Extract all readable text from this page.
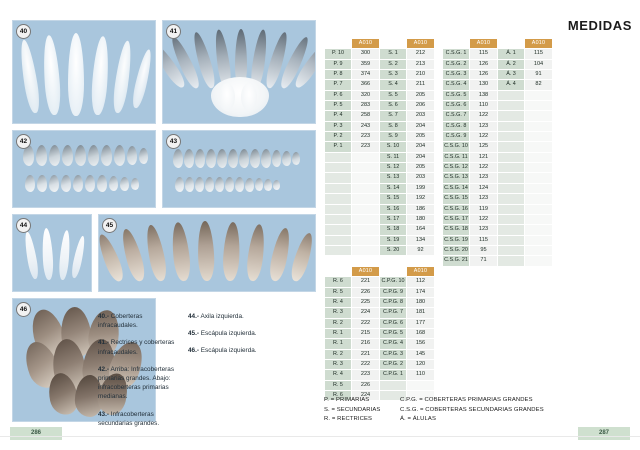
40	41
42	43
44	45
46

40.- Coberteras infracaudales.

41.- Rectrices y coberteras infracaudales.

42.- Arriba: Infracoberteras primarias grandes. Abajo: infracoberteras primarias medianas.

43.- Infracoberteras secundarias grandes.

44.- Axila izquierda.

45.- Escápula izquierda.

46.- Escápula izquierda.

MEDIDAS
	A010		A010
P. 10	300	S. 1	212
P. 9	359	S. 2	213
P. 8	374	S. 3	210
P. 7	366	S. 4	211
P. 6	320	S. 5	205
P. 5	283	S. 6	206
P. 4	258	S. 7	203
P. 3	243	S. 8	204
P. 2	223	S. 9	205
P. 1	223	S. 10	204
		S. 11	204
		S. 12	205
		S. 13	203
		S. 14	199
		S. 15	192
		S. 16	186
		S. 17	180
		S. 18	164
		S. 19	134
		S. 20	92
	A010		A010
C.S.G. 1	115	Á. 1	115
C.S.G. 2	126	Á. 2	104
C.S.G. 3	126	Á. 3	91
C.S.G. 4	130	Á. 4	82
C.S.G. 5	138		
C.S.G. 6	110		
C.S.G. 7	122		
C.S.G. 8	123		
C.S.G. 9	122		
C.S.G. 10	125		
C.S.G. 11	121		
C.S.G. 12	122		
C.S.G. 13	123		
C.S.G. 14	124		
C.S.G. 15	123		
C.S.G. 16	119		
C.S.G. 17	122		
C.S.G. 18	123		
C.S.G. 19	115		
C.S.G. 20	95		
C.S.G. 21	71		
	A010		A010
R. 6	221	C.P.G. 10	112
R. 5	226	C.P.G. 9	174
R. 4	225	C.P.G. 8	180
R. 3	224	C.P.G. 7	181
R. 2	222	C.P.G. 6	177
R. 1	215	C.P.G. 5	168
R. 1	216	C.P.G. 4	156
R. 2	221	C.P.G. 3	145
R. 3	222	C.P.G. 2	120
R. 4	223	C.P.G. 1	110
R. 5	226		
R. 6	224		
P. = PRIMARIAS
S. = SECUNDARIAS
R. = RECTRICES
C.P.G. = COBERTERAS PRIMARIAS GRANDES
C.S.G. = COBERTERAS SECUNDARIAS GRANDES
Á. = ÁLULAS
286	287
